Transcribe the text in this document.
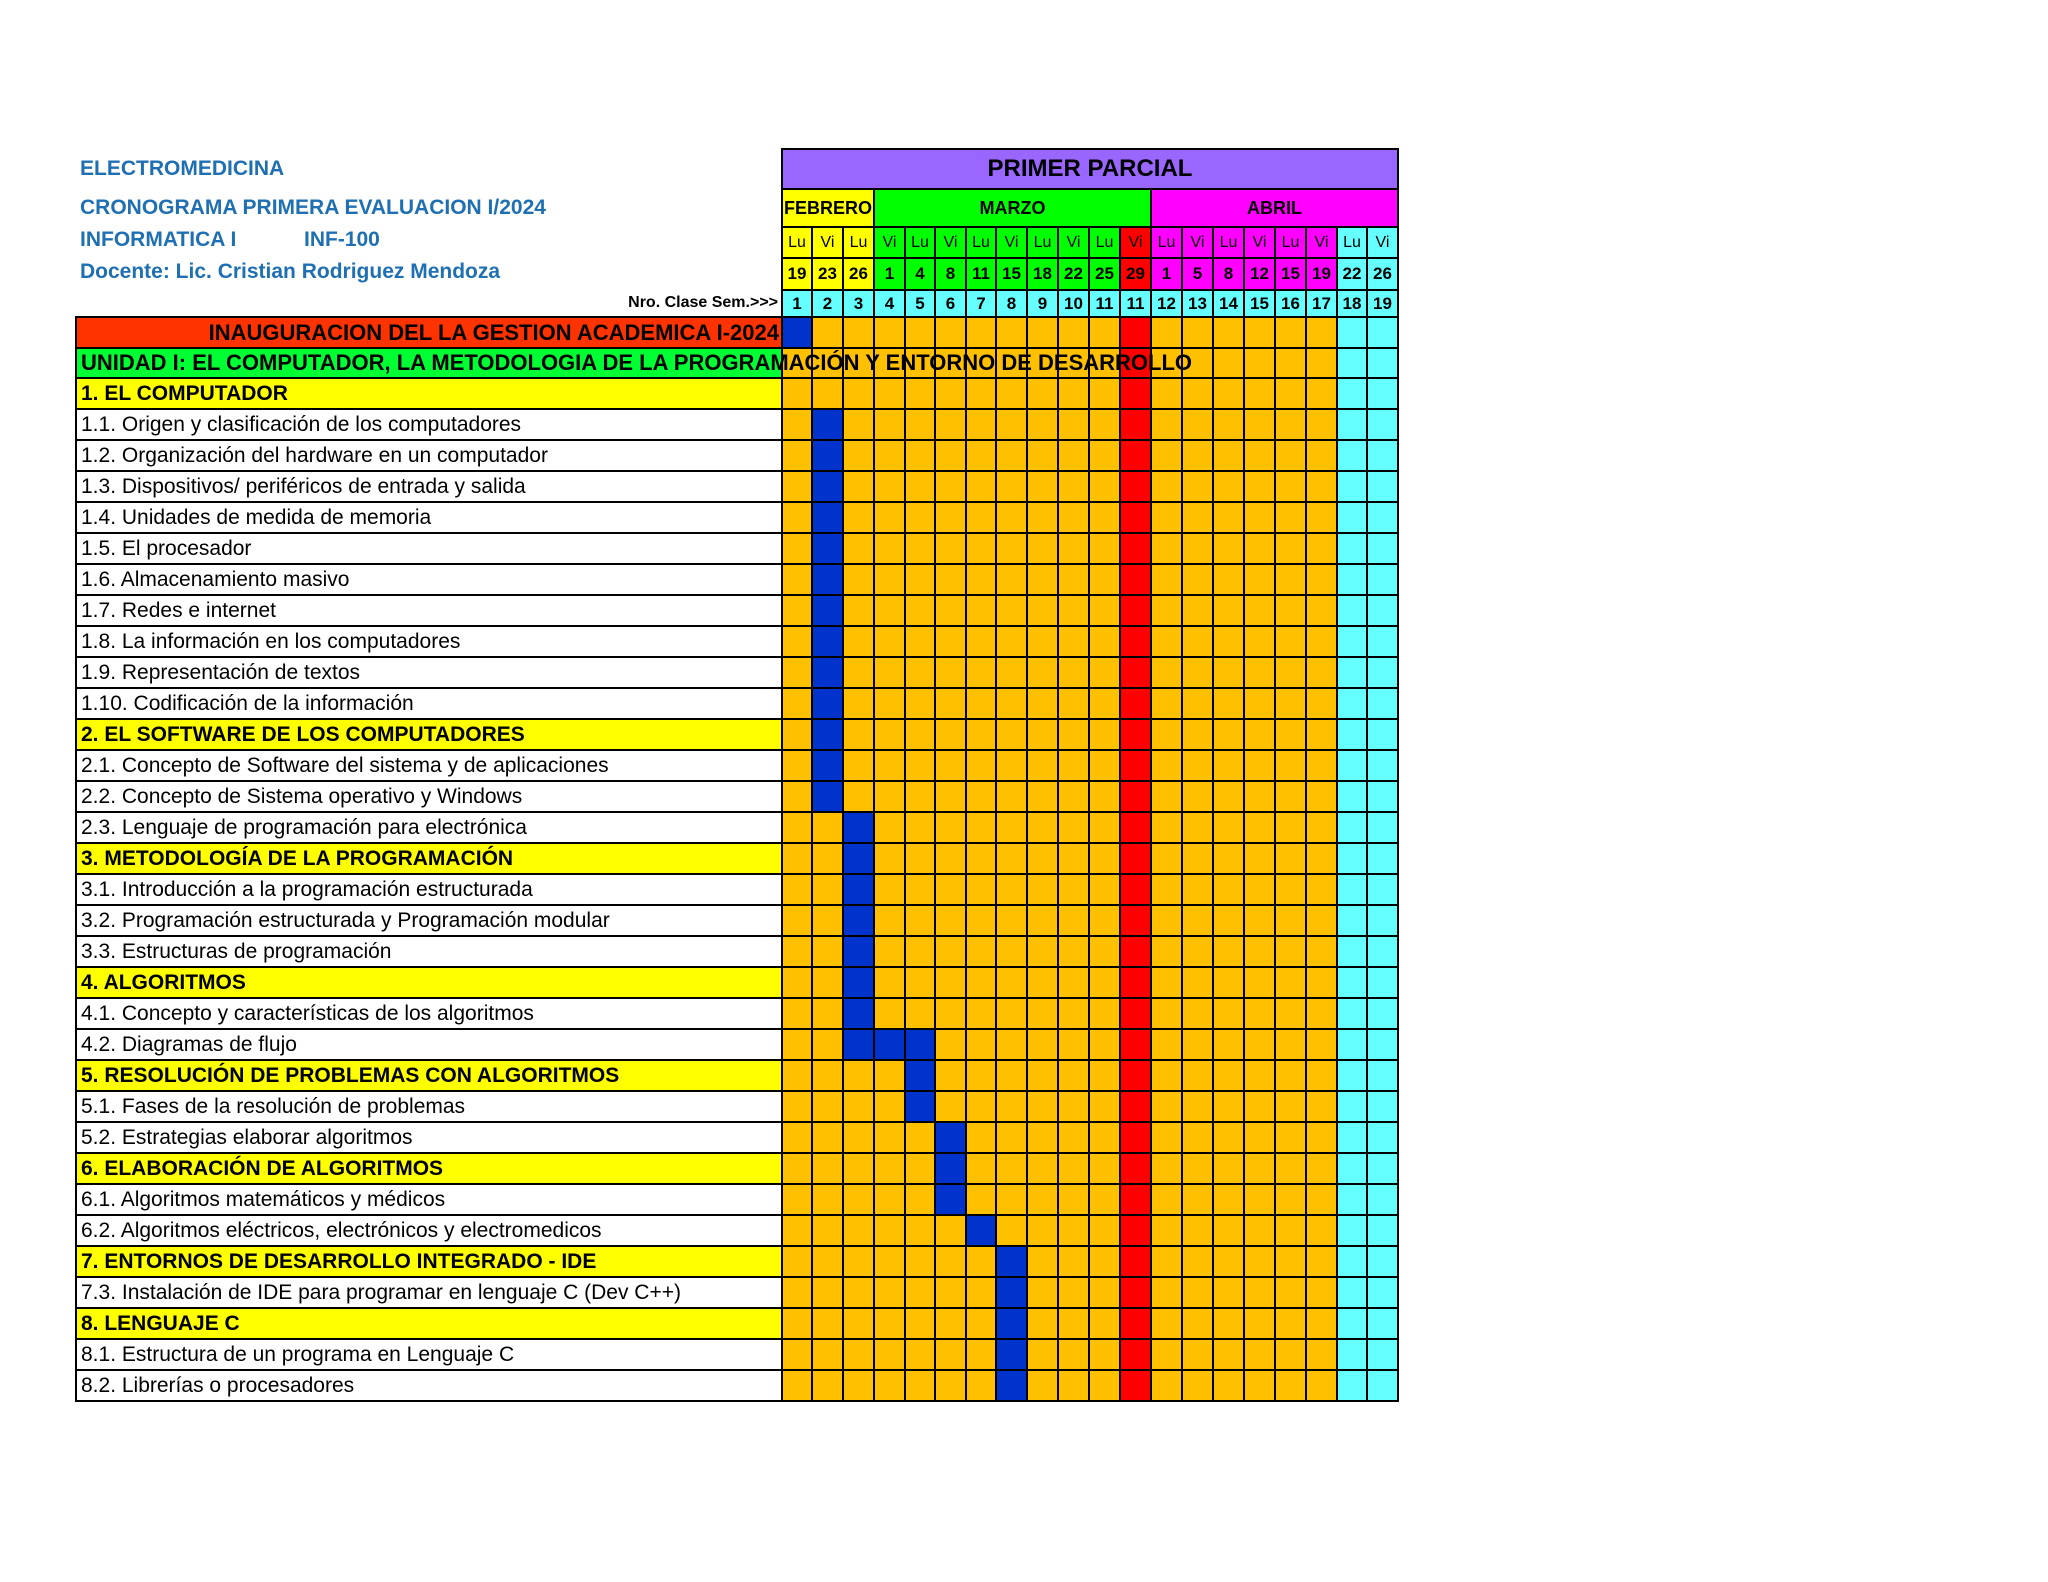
ELECTROMEDICINA
CRONOGRAMA PRIMERA EVALUACION I/2024
INFORMATICA I	INF-100
Docente: Lic. Cristian Rodriguez Mendoza
	PRIMER PARCIAL																			
	FEBRERO			MARZO									ABRIL							
	Lu	Vi	Lu	Vi	Lu	Vi	Lu	Vi	Lu	Vi	Lu	Vi	Lu	Vi	Lu	Vi	Lu	Vi	Lu	Vi
	19	23	26	1	4	8	11	15	18	22	25	29	1	5	8	12	15	19	22	26
Nro. Clase Sem.>>>	1	2	3	4	5	6	7	8	9	10	11	11	12	13	14	15	16	17	18	19
INAUGURACION DEL LA GESTION ACADEMICA I-2024																				

UNIDAD I: EL COMPUTADOR, LA METODOLOGIA DE LA PROGRAMACIÓN Y ENTORNO DE DESARROLLO																				

1. EL COMPUTADOR																				
1.1. Origen y clasificación de los computadores																				
1.2. Organización del hardware en un computador																				
1.3. Dispositivos/ periféricos de entrada y salida																				
1.4. Unidades de medida de memoria																				
1.5. El procesador																				
1.6. Almacenamiento masivo																				
1.7. Redes e internet																				
1.8. La información en los computadores																				
1.9. Representación de textos																				
1.10. Codificación de la información																				
2. EL SOFTWARE DE LOS COMPUTADORES																				
2.1. Concepto de Software del sistema y de aplicaciones																				
2.2. Concepto de Sistema operativo y Windows																				
2.3. Lenguaje de programación para electrónica																				
3. METODOLOGÍA DE LA PROGRAMACIÓN																				
3.1. Introducción a la programación estructurada																				
3.2. Programación estructurada y Programación modular																				
3.3. Estructuras de programación																				
4. ALGORITMOS																				
4.1. Concepto y características de los algoritmos																				
4.2. Diagramas de flujo																				
5. RESOLUCIÓN DE PROBLEMAS CON ALGORITMOS																				
5.1. Fases de la resolución de problemas																				
5.2. Estrategias elaborar algoritmos																				
6. ELABORACIÓN DE ALGORITMOS																				
6.1. Algoritmos matemáticos y médicos																				
6.2. Algoritmos eléctricos, electrónicos y electromedicos																				
7. ENTORNOS DE DESARROLLO INTEGRADO - IDE																				
7.3. Instalación de IDE para programar en lenguaje C (Dev C++)																				
8. LENGUAJE C																				
8.1. Estructura de un programa en Lenguaje C																				
8.2. Librerías o procesadores																				
